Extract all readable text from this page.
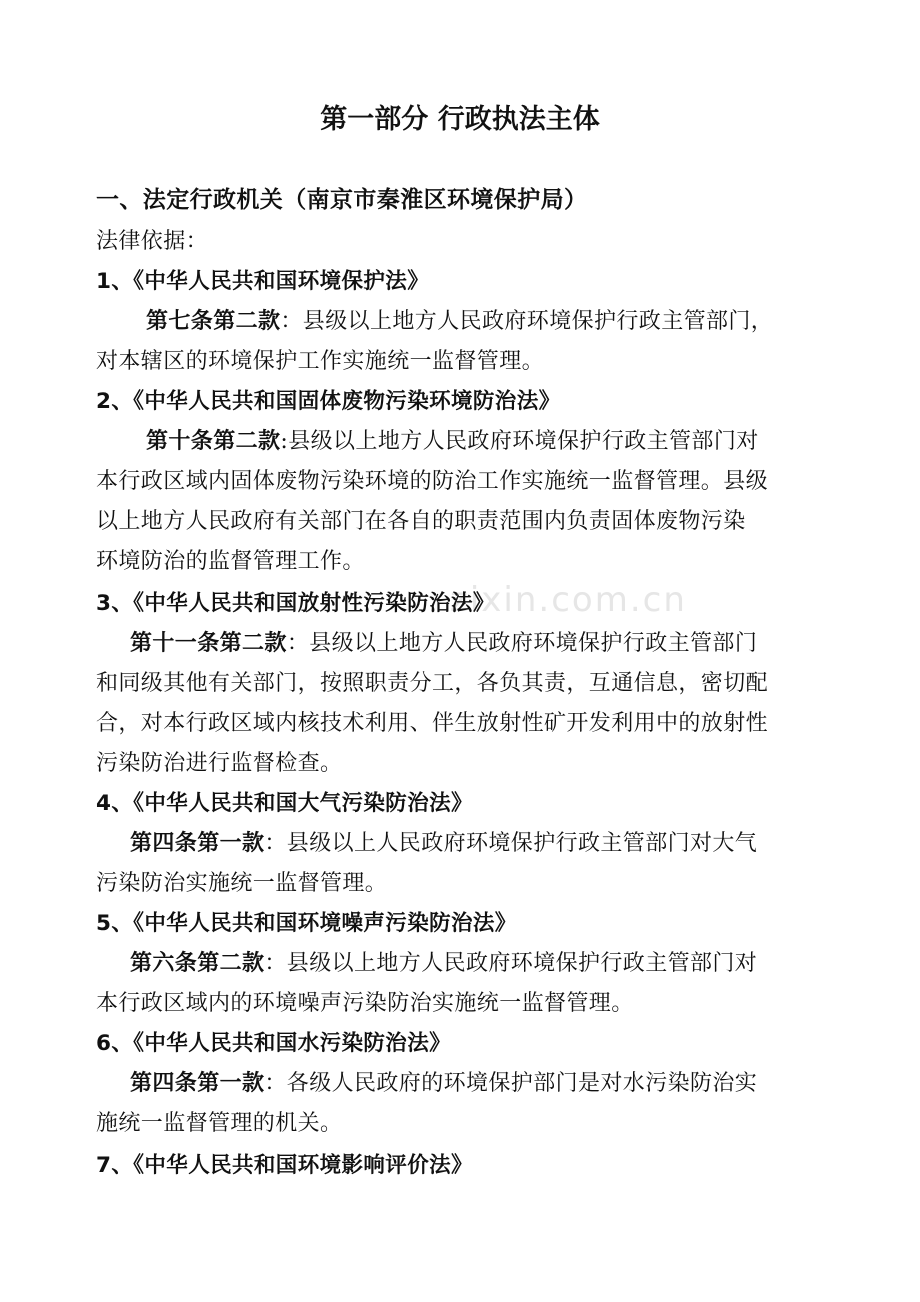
zixin.com.cn
第一部分 行政执法主体
一、法定行政机关（南京市秦淮区环境保护局）
法律依据：
1、《中华人民共和国环境保护法》
第七条第二款：县级以上地方人民政府环境保护行政主管部门，
对本辖区的环境保护工作实施统一监督管理。
2、《中华人民共和国固体废物污染环境防治法》
第十条第二款:县级以上地方人民政府环境保护行政主管部门对
本行政区域内固体废物污染环境的防治工作实施统一监督管理。县级
以上地方人民政府有关部门在各自的职责范围内负责固体废物污染
环境防治的监督管理工作。
3、《中华人民共和国放射性污染防治法》
第十一条第二款：县级以上地方人民政府环境保护行政主管部门
和同级其他有关部门，按照职责分工，各负其责，互通信息，密切配
合，对本行政区域内核技术利用、伴生放射性矿开发利用中的放射性
污染防治进行监督检查。
4、《中华人民共和国大气污染防治法》
第四条第一款：县级以上人民政府环境保护行政主管部门对大气
污染防治实施统一监督管理。
5、《中华人民共和国环境噪声污染防治法》
第六条第二款：县级以上地方人民政府环境保护行政主管部门对
本行政区域内的环境噪声污染防治实施统一监督管理。
6、《中华人民共和国水污染防治法》
第四条第一款：各级人民政府的环境保护部门是对水污染防治实
施统一监督管理的机关。
7、《中华人民共和国环境影响评价法》
